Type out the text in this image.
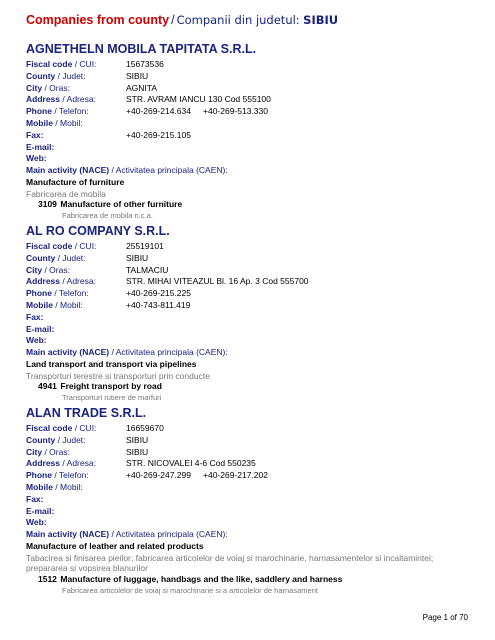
Companies from county / Companii din judetul: SIBIU
AGNETHELN MOBILA TAPITATA S.R.L.
Fiscal code / CUI:	15673536
County / Judet:	SIBIU
City / Oras:	AGNITA
Address / Adresa:	STR. AVRAM IANCU 130 Cod 555100
Phone / Telefon:	+40-269-214.634 +40-269-513.330
Mobile / Mobil:
Fax:	+40-269-215.105
E-mail:
Web:
Main activity (NACE) / Activitatea principala (CAEN):
Manufacture of furniture
Fabricarea de mobila
3109 Manufacture of other furniture
Fabricarea de mobila n.c.a.
AL RO COMPANY S.R.L.
Fiscal code / CUI:	25519101
County / Judet:	SIBIU
City / Oras:	TALMACIU
Address / Adresa:	STR. MIHAI VITEAZUL Bl. 16 Ap. 3 Cod 555700
Phone / Telefon:	+40-269-215.225
Mobile / Mobil:	+40-743-811.419
Fax:
E-mail:
Web:
Main activity (NACE) / Activitatea principala (CAEN):
Land transport and transport via pipelines
Transporturi terestre si transporturi prin conducte
4941 Freight transport by road
Transporturi rutiere de marfuri
ALAN TRADE S.R.L.
Fiscal code / CUI:	16659670
County / Judet:	SIBIU
City / Oras:	SIBIU
Address / Adresa:	STR. NICOVALEI 4-6 Cod 550235
Phone / Telefon:	+40-269-247.299 +40-269-217.202
Mobile / Mobil:
Fax:
E-mail:
Web:
Main activity (NACE) / Activitatea principala (CAEN):
Manufacture of leather and related products
Tabacirea si finisarea pieilor; fabricarea articolelor de voiaj si marochinarie, harnasamentelor si incaltamintei; prepararea si vopsirea blanurilor
1512 Manufacture of luggage, handbags and the like, saddlery and harness
Fabricarea articolelor de voiaj si marochinarie si a articolelor de harnasament
Page 1 of 70
